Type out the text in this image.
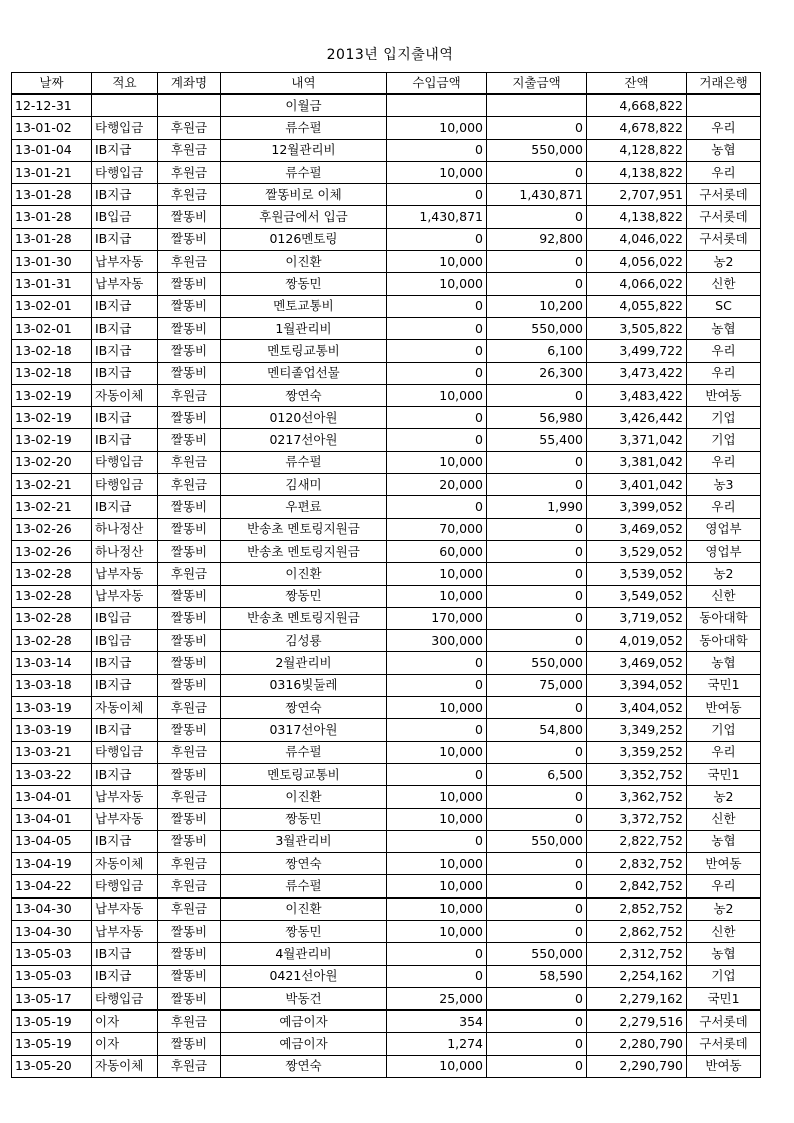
2013년 입지출내역
날짜	적요	계좌명	내역	수입금액	지출금액	잔액	거래은행
12-12-31			이월금			4,668,822	
13-01-02	타행입금	후원금	류수펄	10,000	0	4,678,822	우리
13-01-04	IB지급	후원금	12월관리비	0	550,000	4,128,822	농협
13-01-21	타행입금	후원금	류수펄	10,000	0	4,138,822	우리
13-01-28	IB지급	후원금	짤똥비로 이체	0	1,430,871	2,707,951	구서롯데
13-01-28	IB입금	짤똥비	후원금에서 입금	1,430,871	0	4,138,822	구서롯데
13-01-28	IB지급	짤똥비	0126멘토링	0	92,800	4,046,022	구서롯데
13-01-30	납부자동	후원금	이진환	10,000	0	4,056,022	농2
13-01-31	납부자동	짤똥비	짱동민	10,000	0	4,066,022	신한
13-02-01	IB지급	짤똥비	멘토교통비	0	10,200	4,055,822	SC
13-02-01	IB지급	짤똥비	1월관리비	0	550,000	3,505,822	농협
13-02-18	IB지급	짤똥비	멘토링교통비	0	6,100	3,499,722	우리
13-02-18	IB지급	짤똥비	멘티졸업선물	0	26,300	3,473,422	우리
13-02-19	자동이체	후원금	짱연숙	10,000	0	3,483,422	반여동
13-02-19	IB지급	짤똥비	0120선아원	0	56,980	3,426,442	기업
13-02-19	IB지급	짤똥비	0217선아원	0	55,400	3,371,042	기업
13-02-20	타행입금	후원금	류수펄	10,000	0	3,381,042	우리
13-02-21	타행입금	후원금	김새미	20,000	0	3,401,042	농3
13-02-21	IB지급	짤똥비	우편료	0	1,990	3,399,052	우리
13-02-26	하나정산	짤똥비	반송초 멘토링지원금	70,000	0	3,469,052	영업부
13-02-26	하나정산	짤똥비	반송초 멘토링지원금	60,000	0	3,529,052	영업부
13-02-28	납부자동	후원금	이진환	10,000	0	3,539,052	농2
13-02-28	납부자동	짤똥비	짱동민	10,000	0	3,549,052	신한
13-02-28	IB입금	짤똥비	반송초 멘토링지원금	170,000	0	3,719,052	동아대학
13-02-28	IB입금	짤똥비	김성룡	300,000	0	4,019,052	동아대학
13-03-14	IB지급	짤똥비	2월관리비	0	550,000	3,469,052	농협
13-03-18	IB지급	짤똥비	0316빛둘레	0	75,000	3,394,052	국민1
13-03-19	자동이체	후원금	짱연숙	10,000	0	3,404,052	반여동
13-03-19	IB지급	짤똥비	0317선아원	0	54,800	3,349,252	기업
13-03-21	타행입금	후원금	류수펄	10,000	0	3,359,252	우리
13-03-22	IB지급	짤똥비	멘토링교통비	0	6,500	3,352,752	국민1
13-04-01	납부자동	후원금	이진환	10,000	0	3,362,752	농2
13-04-01	납부자동	짤똥비	짱동민	10,000	0	3,372,752	신한
13-04-05	IB지급	짤똥비	3월관리비	0	550,000	2,822,752	농협
13-04-19	자동이체	후원금	짱연숙	10,000	0	2,832,752	반여동
13-04-22	타행입금	후원금	류수펄	10,000	0	2,842,752	우리
13-04-30	납부자동	후원금	이진환	10,000	0	2,852,752	농2
13-04-30	납부자동	짤똥비	짱동민	10,000	0	2,862,752	신한
13-05-03	IB지급	짤똥비	4월관리비	0	550,000	2,312,752	농협
13-05-03	IB지급	짤똥비	0421선아원	0	58,590	2,254,162	기업
13-05-17	타행입금	짤똥비	박동건	25,000	0	2,279,162	국민1
13-05-19	이자	후원금	예금이자	354	0	2,279,516	구서롯데
13-05-19	이자	짤똥비	예금이자	1,274	0	2,280,790	구서롯데
13-05-20	자동이체	후원금	짱연숙	10,000	0	2,290,790	반여동
